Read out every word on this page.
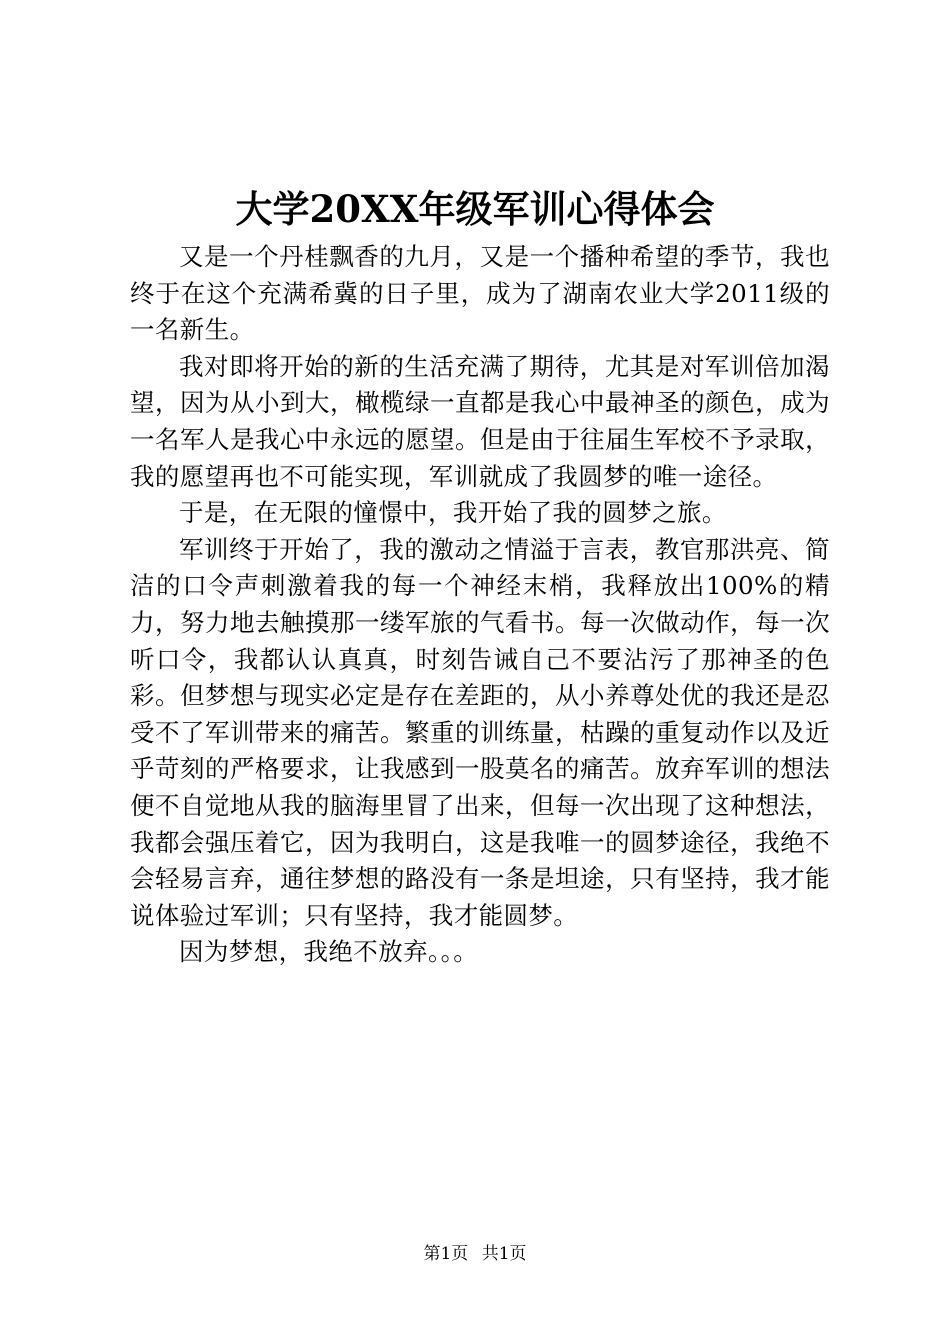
大学20XX年级军训心得体会

又是一个丹桂飘香的九月，又是一个播种希望的季节，我也终于在这个充满希冀的日子里，成为了湖南农业大学2011级的一名新生。

我对即将开始的新的生活充满了期待，尤其是对军训倍加渴望，因为从小到大，橄榄绿一直都是我心中最神圣的颜色，成为一名军人是我心中永远的愿望。但是由于往届生军校不予录取，我的愿望再也不可能实现，军训就成了我圆梦的唯一途径。

于是，在无限的憧憬中，我开始了我的圆梦之旅。

军训终于开始了，我的激动之情溢于言表，教官那洪亮、简洁的口令声刺激着我的每一个神经末梢，我释放出100%的精力，努力地去触摸那一缕军旅的气看书。每一次做动作，每一次听口令，我都认认真真，时刻告诫自己不要沾污了那神圣的色彩。但梦想与现实必定是存在差距的，从小养尊处优的我还是忍受不了军训带来的痛苦。繁重的训练量，枯躁的重复动作以及近乎苛刻的严格要求，让我感到一股莫名的痛苦。放弃军训的想法便不自觉地从我的脑海里冒了出来，但每一次出现了这种想法，我都会强压着它，因为我明白，这是我唯一的圆梦途径，我绝不会轻易言弃，通往梦想的路没有一条是坦途，只有坚持，我才能说体验过军训；只有坚持，我才能圆梦。

因为梦想，我绝不放弃。。。

第1页 共1页
